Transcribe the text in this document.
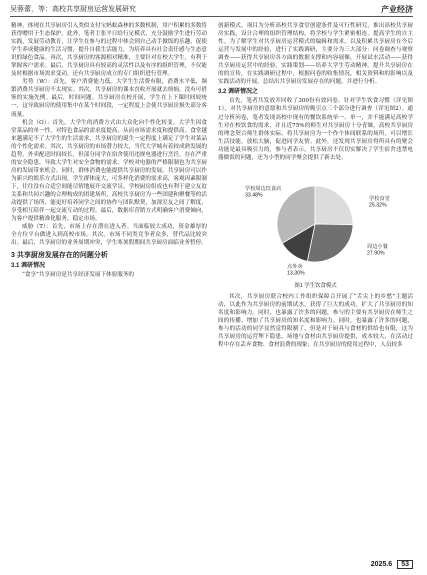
吴蓉蕾，等：高校共享厨房运营发展研究	产业经济

精神，体现在共享厨房引入类似支付宝蚂蚁森林的多数机制，用户积累的多数将获得赠用于生态保护。此外，笔者主张平日给行足模式，充分鼓励学生进行劳动实践，发展劳动教育，让学生在参与的过程中体会到自己动手做饭的乐趣，促使学生养成健康的生活习惯，提升自我生活能力，为培养具有社会责任感与生态意识的绿色食品。再次，共享厨房的客源相对精准，主要针对在校大学生，有利于掌握客户需求。最后，共享厨房具有较高的灵活性以及有序的组织管理，不仅能及时根据市场需求变动，还有共享厨房成立的专门组织进行管理。

劣势（W）：首先，客户消费能力低。大学生生活费有限，消费水平低，频繁消费共享厨房不太现实。其次，共享厨房的课本直收开展就去烦恼，没有可借鉴的实施先例。最后，时间问题。共享厨房在校开展，学生在上下课时间较统一，这导致厨房的使用集中在某个时间段，一定程度上会使共享厨房损失部分客流量。

机会（O）：首先，大学生的消费方式由大众化向个性化转变。大学生因食堂菜品的单一性，对特色食品的需求度提高，从而市场需求度和提供高。食堂越来越满足不了大学生的生活需求，共享厨房的诞生一定程度上满足了学生对菜品的个性化需求。其次，共享厨房的市场潜力较大，当代大学城有着较成熟发展的趋势，外卖配送时间较长，但部分同学在宿舍使用违规电器进行烹饪，存在严重的安全隐患，导致大学生对安全食物的需求。学校对电器的严格限制也为共享厨房的发展带来机会。同时，群体消费也能提供共享厨房的发展。共享厨房可以作为新兴的娱乐方式出现，学生群体庞大，可多样化消费的需求高，客观因素限制下，往往没有合适空间能尽情地展开交流学员。学校厨房组成也有利于建立友谊关系和共同兴趣的合理构成的团建场所，高校共享厨房为一些团建和聚餐等的活动提供了场所，能更好培养同学之间的协作与团队默契，加深室友之间了解度，享受相互陪伴一起交流互动的过程。最后，数据库营销方式明确客户消费倾向，为客户提供精准化服务，稳定市场。

威胁（T）：首先，市场上存在潜在进入者。当面临较大成功，资金雄厚的全方位平台做进入到高校市场。其次，市场不同类竞争者众多，替代品比较突出。最后，共享厨房的业务周期冲突，学生寒暑假期间共享厨房面临业务暂停。

3 共享厨房发展存在的问题分析
3.1 调研情况

“食享”共享厨房是共享经济发展下体验服务的

创新模式，项目为分析高校共享食堂创建条件及可行性研究，推出高校共享厨房实践，设计合理的组织管理结构，将学校与学生紧密相连，提高学生的自主性。为了解学生对共享厨房运营模式的编辑和需求，以及积累共享厨房在今后运营与发展中的经验，进行了实践调研，主要分为三大部分：问卷调查与观察调查——获得共享厨房各方面的数据支撑和内容展像，开展试水活动——获得共享厨房运营中的经验，实践策划——培养大学生劳动精神，提升共享厨房在的的宣传，在实践调研过程中，根据问卷的收集情况，相关资料和的影响以及实践活动的开展，总结出共享厨房发展存在的问题，并进行分析。

3.2 调研情况之

首先，笔者共发放并回收了300份有效问卷，针对学生饮食习惯（详见图1），对共享厨房的意愿和共享厨房的吸引点三个部分进行调查（详见图2）。通过分析问卷，笔者发现高校中现有的餐饮系统单一、单一，并不能满足高校学生对在校饮食的需求，并且近75%的师生对共享厨房十分青睐，高校共享厨房的理念契合师生群体实际，将共享厨房为一个作个体间联系的场所，可以增长生活技能，放松大脑，促进同学友情。此外，还发现共享厨房得所具有的聚会功能是最具吸引力的，参与者表示，共享厨房不仅切实解决了学生宿舍违禁电器做饭的问题，还为小型的同学聚会提供了新去处。

学校周边饮食店
33.48%
学校食堂
25.32%
周边小餐
27.90%
点外卖
13.30%
图1 学生饮食模式

其次，共享厨房联合校内工作组织保障合开展了“舌尖上的乡愁”主题活动，以此作为共享厨房的前期试水，获得了巨大的成功，扩大了共享厨房的知名度和影响力。同时，也暴露了许多的问题，参与的主要有共享厨房在师生之间的传播、增加了共享厨房的知名度和影响力。同时，也暴露了许多的问题，参与的活动的同学显然觉得限制了，但是对于厨具与食材的供给也有限，这为共享厨房的运营埋下隐患，场地与食材由共享厨房提供，成本较大，在活动过程中存在丢弃食物、食材浪费的现象；在共享厨房的使用过程中，人员较多

2025.6	53
